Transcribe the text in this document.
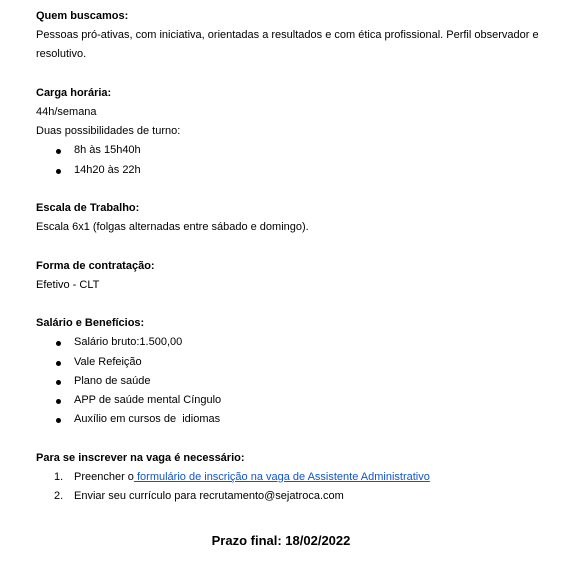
Quem buscamos:
Pessoas pró-ativas, com iniciativa, orientadas a resultados e com ética profissional. Perfil observador e resolutivo.
Carga horária:
44h/semana
Duas possibilidades de turno:
8h às 15h40h
14h20 às 22h
Escala de Trabalho:
Escala 6x1 (folgas alternadas entre sábado e domingo).
Forma de contratação:
Efetivo - CLT
Salário e Benefícios:
Salário bruto:1.500,00
Vale Refeição
Plano de saúde
APP de saúde mental Cíngulo
Auxílio em cursos de  idiomas
Para se inscrever na vaga é necessário:
1. Preencher o formulário de inscrição na vaga de Assistente Administrativo
2. Enviar seu currículo para recrutamento@sejatroca.com
Prazo final: 18/02/2022
